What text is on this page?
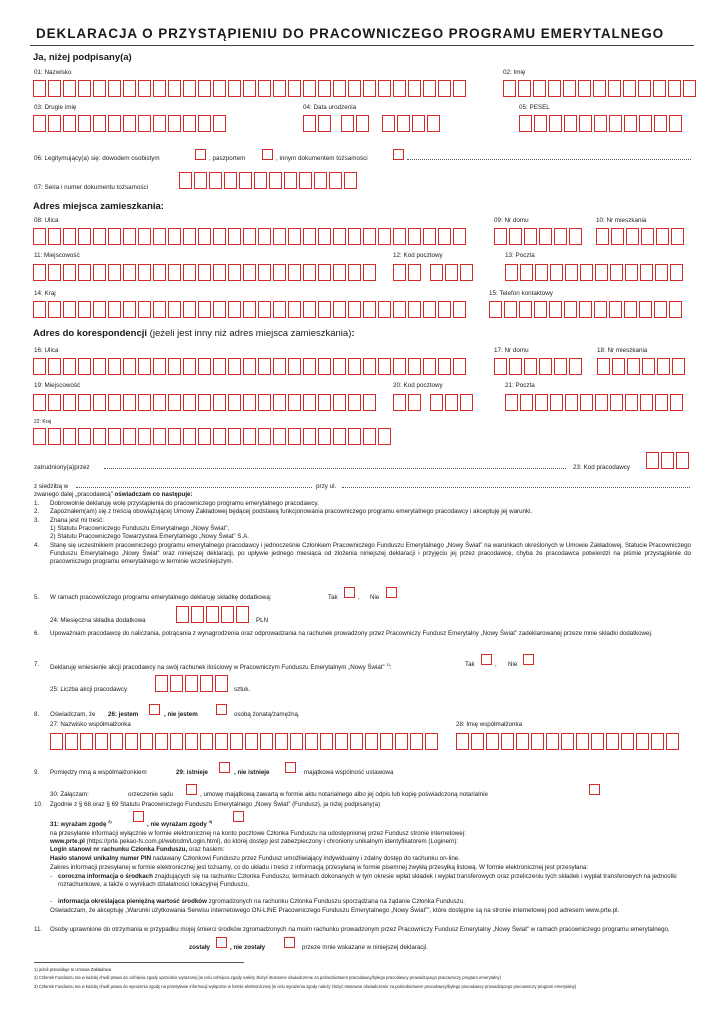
DEKLARACJA O PRZYSTĄPIENIU DO PRACOWNICZEGO PROGRAMU EMERYTALNEGO
Ja, niżej podpisany(a)
01: Nazwisko	02: Imię
03: Drugie imię	04: Data urodzenia	05: PESEL
06: Legitymujący(a) się: dowodem osobistym	, paszportem	, innym dokumentem tożsamości
07: Seria i numer dokumentu tożsamości
Adres miejsca zamieszkania:
08: Ulica	09: Nr domu	10: Nr mieszkania
11: Miejscowość	12: Kod pocztowy	13: Poczta
14: Kraj	15: Telefon kontaktowy
Adres do korespondencji (jeżeli jest inny niż adres miejsca zamieszkania):
16: Ulica	17: Nr domu	18: Nr mieszkania
19: Miejscowość	20: Kod pocztowy	21: Poczta
22: Kraj
zatrudniony(a)przez	23: Kod pracodawcy
z siedzibą w	przy ul.
zwanego dalej „pracodawcą” oświadczam co następuje:
1. Dobrowolnie deklaruję wolę przystąpienia do pracowniczego programu emerytalnego pracodawcy.
2. Zapoznałem(am) się z treścią obowiązującej Umowy Zakładowej będącej podstawą funkcjonowania pracowniczego programu emerytalnego pracodawcy i akceptuję jej warunki.
3. Znana jest mi treść:
1) Statutu Pracowniczego Funduszu Emerytalnego „Nowy Świat”,
2) Statutu Pracowniczego Towarzystwa Emerytalnego „Nowy Świat” S.A.
4. Stanę się uczestnikiem pracowniczego programu emerytalnego pracodawcy i jednocześnie Członkiem Pracowniczego Funduszu Emerytalnego „Nowy Świat” na warunkach określonych w Umowie Zakładowej, Statucie Pracowniczego Funduszu Emerytalnego „Nowy Świat” oraz niniejszej deklaracji, po upływie jednego miesiąca od złożenia niniejszej deklaracji i przyjęciu jej przez pracodawcę, chyba że pracodawca potwierdzi na piśmie przystąpienie do pracowniczego programu emerytalnego w terminie wcześniejszym.
5. W ramach pracowniczego programu emerytalnego deklaruję składkę dodatkową:	Tak	, Nie
24: Miesięczna składka dodatkowa	PLN
6. Upoważniam pracodawcę do naliczania, potrącania z wynagrodzenia oraz odprowadzania na rachunek prowadzony przez Pracowniczy Fundusz Emerytalny „Nowy Świat” zadeklarowanej przeze mnie składki dodatkowej.
7. Deklaruję wniesienie akcji pracodawcy na swój rachunek ilościowy w Pracowniczym Funduszu Emerytalnym „Nowy Świat” $^{1)}$:	Tak	, Nie
25: Liczba akcji pracodawcy	sztuk.
8. Oświadczam, że 26: jestem	, nie jestem	osobą żonatą/zamężną.
27: Nazwisko współmałżonka	28: Imię współmałżonka
9. Pomiędzy mną a współmałżonkiem	29: istnieje	, nie istnieje	majątkowa wspólność ustawowa
30: Załączam:	orzeczenie sądu	, umowę majątkową zawartą w formie aktu notarialnego albo jej odpis lub kopię poświadczoną notarialnie
10. Zgodnie z § 68 oraz § 69 Statutu Pracowniczego Funduszu Emerytalnego „Nowy Świat” (Fundusz), ja niżej podpisany(a)
31: wyrażam zgodę $^{2)}$	, nie wyrażam zgody $^{3)}$
na przesyłanie informacji wyłącznie w formie elektronicznej na konto pocztowe Członka Funduszu na udostępnionej przez Fundusz stronie internetowej:
www.prte.pl (https://prte.pekao-fs.com.pl/webcdm/Login.html), do której dostęp jest zabezpieczony i chroniony unikalnym identyfikatorem (Loginem):
Login stanowi nr rachunku Członka Funduszu, oraz hasłem:
Hasło stanowi unikalny numer PIN nadawany Członkowi Funduszu przez Fundusz umożliwiający indywidualny i zdalny dostęp do rachunku on-line.
Zakres informacji przesyłanej w formie elektronicznej jest tożsamy, co do układu i treści z informacją przesyłaną w formie pisemnej zwykłą przesyłką listową. W formie elektronicznej jest przesyłana:
- coroczna informacja o środkach znajdujących się na rachunku Członka Funduszu, terminach dokonanych w tym okresie wpłat składek i wypłat transferowych oraz przeliczeniu tych składek i wypłat transferowych na jednostki rozrachunkowe, a także o wynikach działalności lokacyjnej Funduszu,
- informacja określająca pieniężną wartość środków zgromadzonych na rachunku Członka Funduszu sporządzana na żądanie Członka Funduszu.
Oświadczam, że akceptuję „Warunki użytkowania Serwisu internetowego ON-LINE Pracowniczego Funduszu Emerytalnego „Nowy Świat””, które dostępne są na stronie internetowej pod adresem www.prte.pl.
11. Osoby uprawnione do otrzymania w przypadku mojej śmierci środków zgromadzonych na moim rachunku prowadzonym przez Pracowniczy Fundusz Emerytalny „Nowy Świat” w ramach pracowniczego programu emerytalnego,
zostały	, nie zostały	przeze mnie wskazane w niniejszej deklaracji.
1) jeżeli przewiduje to Umowa Zakładowa
2) Członek Funduszu ma w każdej chwili prawo do cofnięcia zgody uprzednio wyrażonej (w celu cofnięcia zgody należy złożyć stosowne oświadczenie za pośrednictwem pracodawcy/byłego pracodawcy prowadzącego pracowniczy program emerytalny)
3) Członek Funduszu ma w każdej chwili prawo do wyrażenia zgody na przesyłanie informacji wyłącznie w formie elektronicznej (w celu wyrażenia zgody należy złożyć stosowne oświadczenie za pośrednictwem pracodawcy/byłego pracodawcy prowadzącego pracowniczy program emerytalny)
